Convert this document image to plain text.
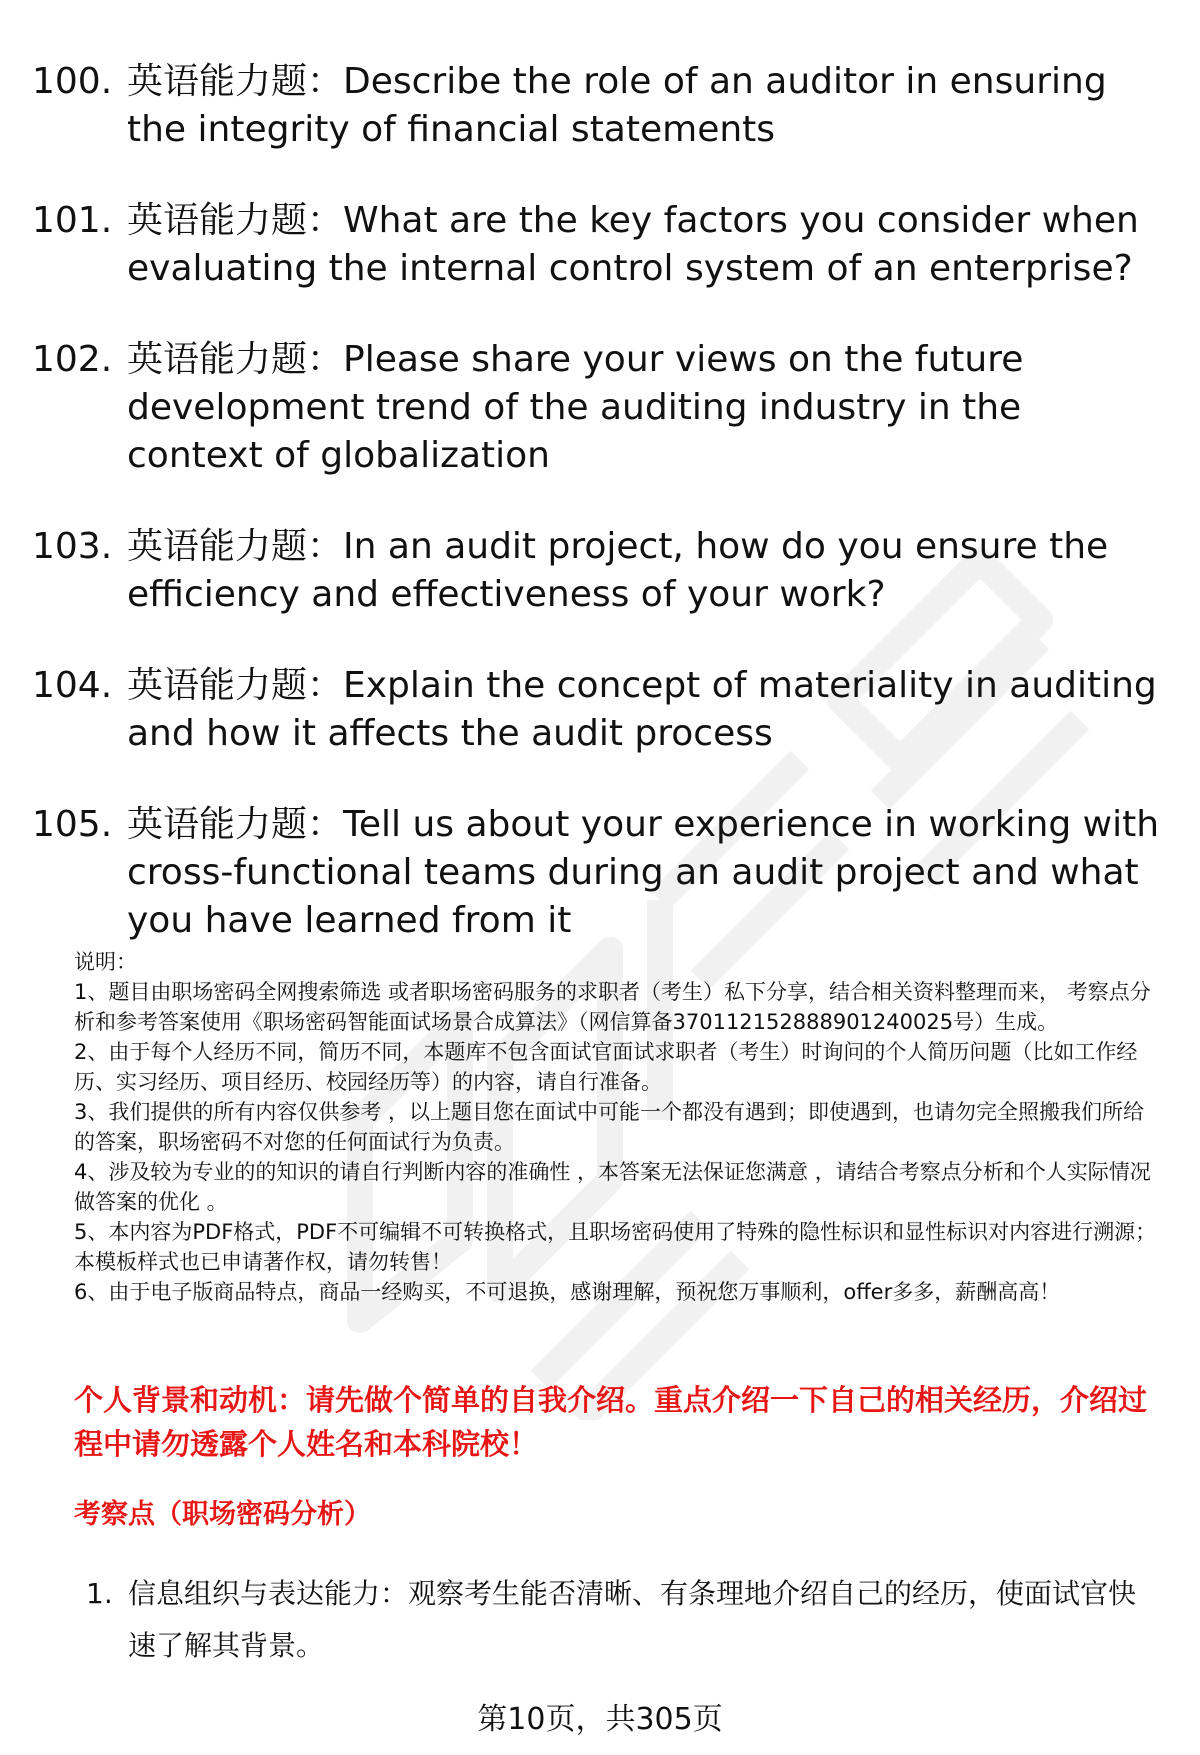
100. 英语能力题：Describe the role of an auditor in ensuring the integrity of financial statements
101. 英语能力题：What are the key factors you consider when evaluating the internal control system of an enterprise?
102. 英语能力题：Please share your views on the future development trend of the auditing industry in the context of globalization
103. 英语能力题：In an audit project, how do you ensure the efficiency and effectiveness of your work?
104. 英语能力题：Explain the concept of materiality in auditing and how it affects the audit process
105. 英语能力题：Tell us about your experience in working with cross-functional teams during an audit project and what you have learned from it

说明：

1、题目由职场密码全网搜索筛选 或者职场密码服务的求职者（考生）私下分享，结合相关资料整理而来， 考察点分析和参考答案使用《职场密码智能面试场景合成算法》（网信算备370112152888901240025号）生成。

2、由于每个人经历不同，简历不同，本题库不包含面试官面试求职者（考生）时询问的个人简历问题（比如工作经历、实习经历、项目经历、校园经历等）的内容，请自行准备。

3、我们提供的所有内容仅供参考 ，以上题目您在面试中可能一个都没有遇到；即使遇到，也请勿完全照搬我们所给的答案，职场密码不对您的任何面试行为负责。

4、涉及较为专业的的知识的请自行判断内容的准确性 ，本答案无法保证您满意 ，请结合考察点分析和个人实际情况做答案的优化 。

5、本内容为PDF格式，PDF不可编辑不可转换格式，且职场密码使用了特殊的隐性标识和显性标识对内容进行溯源；本模板样式也已申请著作权，请勿转售！

6、由于电子版商品特点，商品一经购买，不可退换，感谢理解，预祝您万事顺利，offer多多，薪酬高高！

个人背景和动机：请先做个简单的自我介绍。重点介绍一下自己的相关经历，介绍过程中请勿透露个人姓名和本科院校！
考察点（职场密码分析）
1. 信息组织与表达能力：观察考生能否清晰、有条理地介绍自己的经历，使面试官快速了解其背景。
第10页，共305页
